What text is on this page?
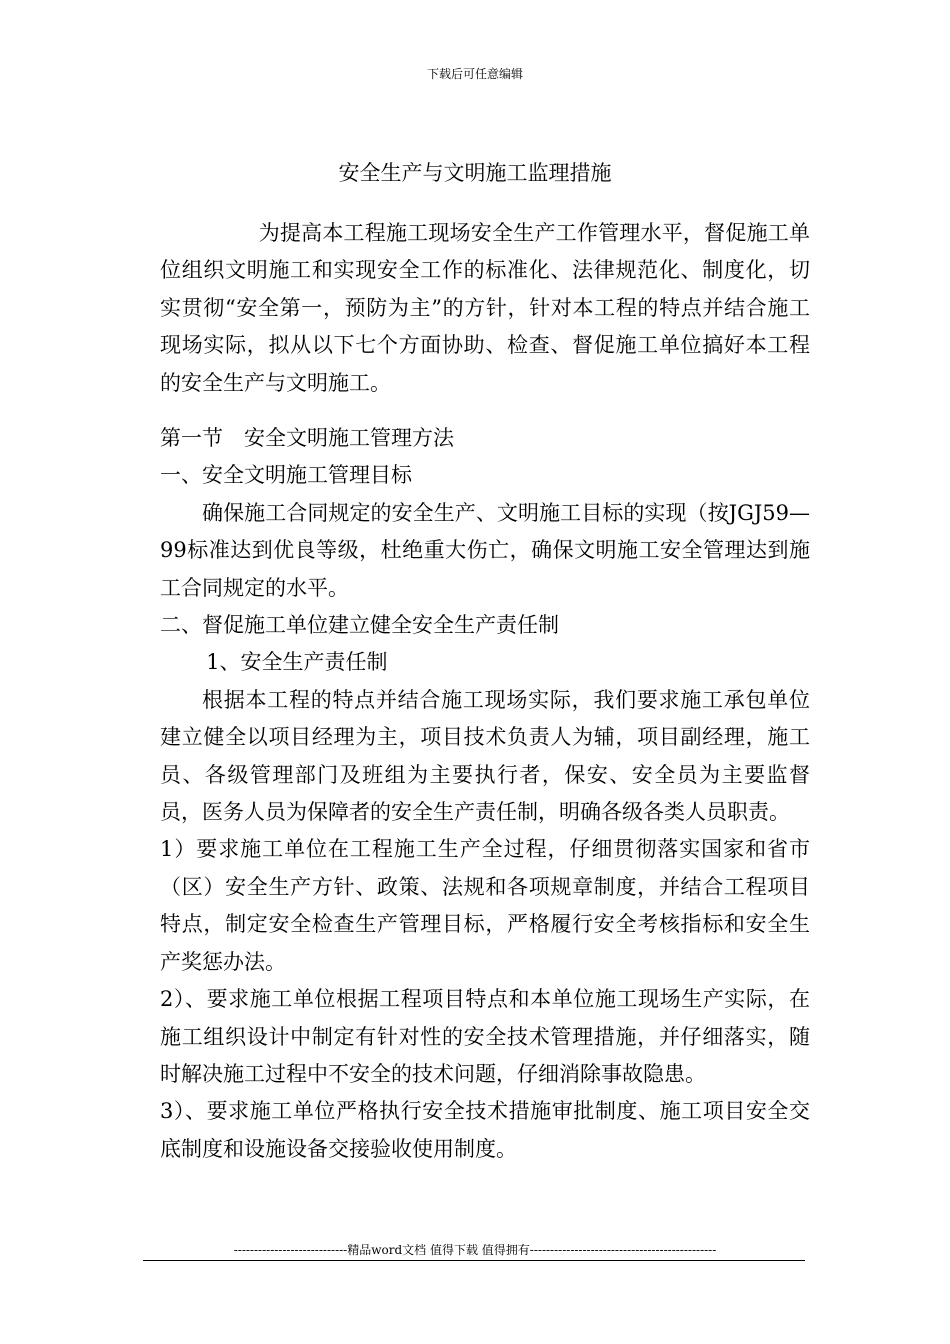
下载后可任意编辑
安全生产与文明施工监理措施

为提高本工程施工现场安全生产工作管理水平，督促施工单位组织文明施工和实现安全工作的标准化、法律规范化、制度化，切实贯彻“安全第一，预防为主”的方针，针对本工程的特点并结合施工现场实际，拟从以下七个方面协助、检查、督促施工单位搞好本工程的安全生产与文明施工。

第一节　安全文明施工管理方法

一、安全文明施工管理目标

确保施工合同规定的安全生产、文明施工目标的实现（按JGJ59—99标准达到优良等级，杜绝重大伤亡，确保文明施工安全管理达到施工合同规定的水平。

二、督促施工单位建立健全安全生产责任制

1、安全生产责任制

根据本工程的特点并结合施工现场实际，我们要求施工承包单位建立健全以项目经理为主，项目技术负责人为辅，项目副经理，施工员、各级管理部门及班组为主要执行者，保安、安全员为主要监督员，医务人员为保障者的安全生产责任制，明确各级各类人员职责。

1）要求施工单位在工程施工生产全过程，仔细贯彻落实国家和省市（区）安全生产方针、政策、法规和各项规章制度，并结合工程项目特点，制定安全检查生产管理目标，严格履行安全考核指标和安全生产奖惩办法。

2）、要求施工单位根据工程项目特点和本单位施工现场生产实际，在施工组织设计中制定有针对性的安全技术管理措施，并仔细落实，随时解决施工过程中不安全的技术问题，仔细消除事故隐患。

3）、要求施工单位严格执行安全技术措施审批制度、施工项目安全交底制度和设施设备交接验收使用制度。

----------------------------精品word文档 值得下载 值得拥有----------------------------------------------
